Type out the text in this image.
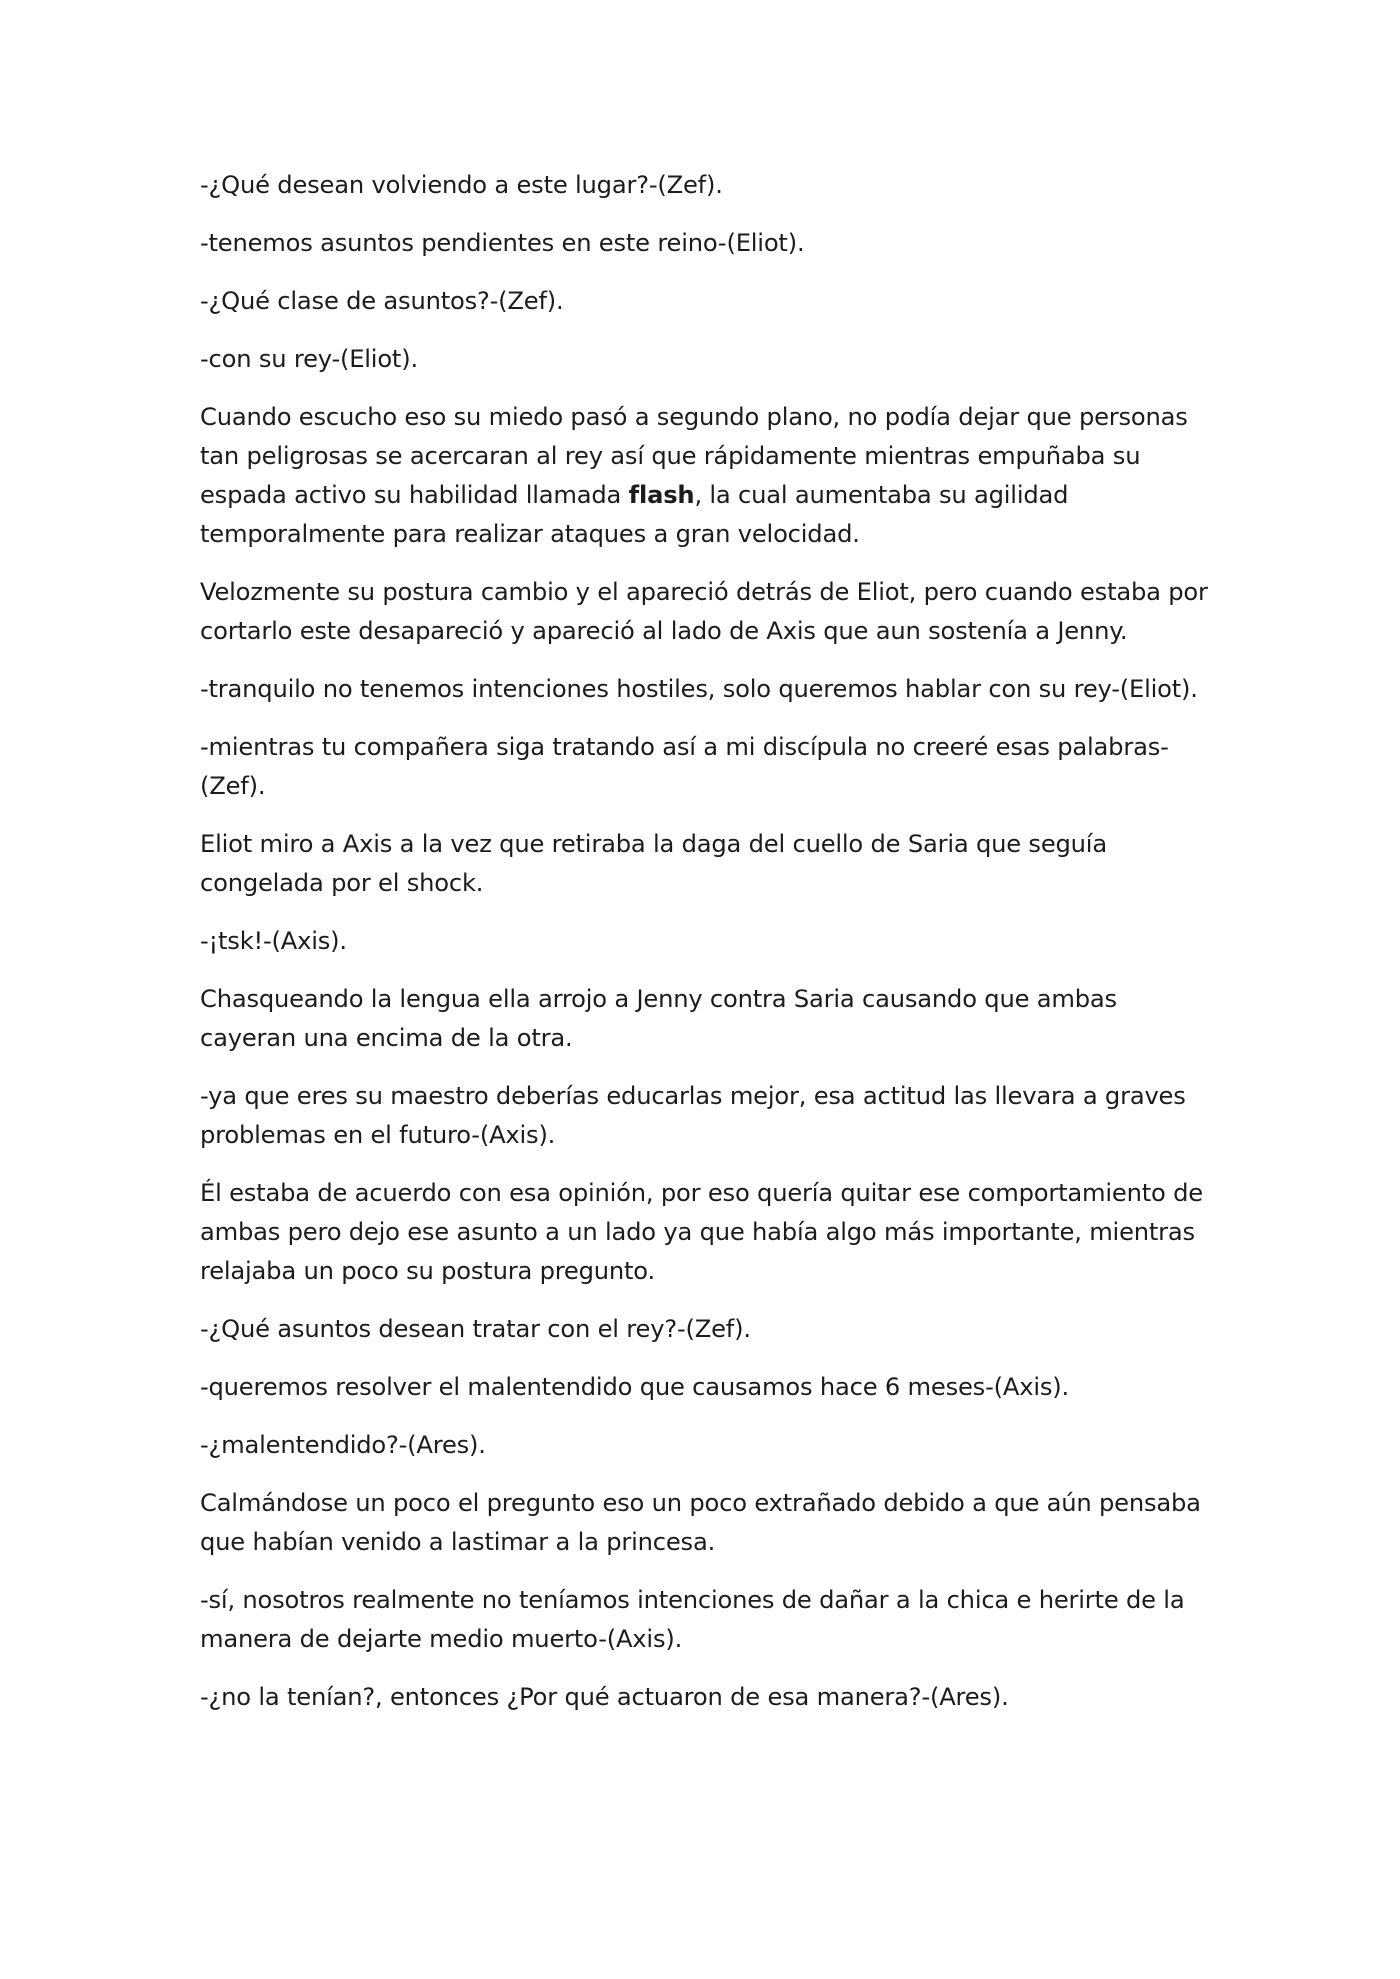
-¿Qué desean volviendo a este lugar?-(Zef).

-tenemos asuntos pendientes en este reino-(Eliot).

-¿Qué clase de asuntos?-(Zef).

-con su rey-(Eliot).

Cuando escucho eso su miedo pasó a segundo plano, no podía dejar que personas tan peligrosas se acercaran al rey así que rápidamente mientras empuñaba su espada activo su habilidad llamada flash, la cual aumentaba su agilidad temporalmente para realizar ataques a gran velocidad.

Velozmente su postura cambio y el apareció detrás de Eliot, pero cuando estaba por cortarlo este desapareció y apareció al lado de Axis que aun sostenía a Jenny.

-tranquilo no tenemos intenciones hostiles, solo queremos hablar con su rey-(Eliot).

-mientras tu compañera siga tratando así a mi discípula no creeré esas palabras-(Zef).

Eliot miro a Axis a la vez que retiraba la daga del cuello de Saria que seguía congelada por el shock.

-¡tsk!-(Axis).

Chasqueando la lengua ella arrojo a Jenny contra Saria causando que ambas cayeran una encima de la otra.

-ya que eres su maestro deberías educarlas mejor, esa actitud las llevara a graves problemas en el futuro-(Axis).

Él estaba de acuerdo con esa opinión, por eso quería quitar ese comportamiento de ambas pero dejo ese asunto a un lado ya que había algo más importante, mientras relajaba un poco su postura pregunto.

-¿Qué asuntos desean tratar con el rey?-(Zef).

-queremos resolver el malentendido que causamos hace 6 meses-(Axis).

-¿malentendido?-(Ares).

Calmándose un poco el pregunto eso un poco extrañado debido a que aún pensaba que habían venido a lastimar a la princesa.

-sí, nosotros realmente no teníamos intenciones de dañar a la chica e herirte de la manera de dejarte medio muerto-(Axis).

-¿no la tenían?, entonces ¿Por qué actuaron de esa manera?-(Ares).
